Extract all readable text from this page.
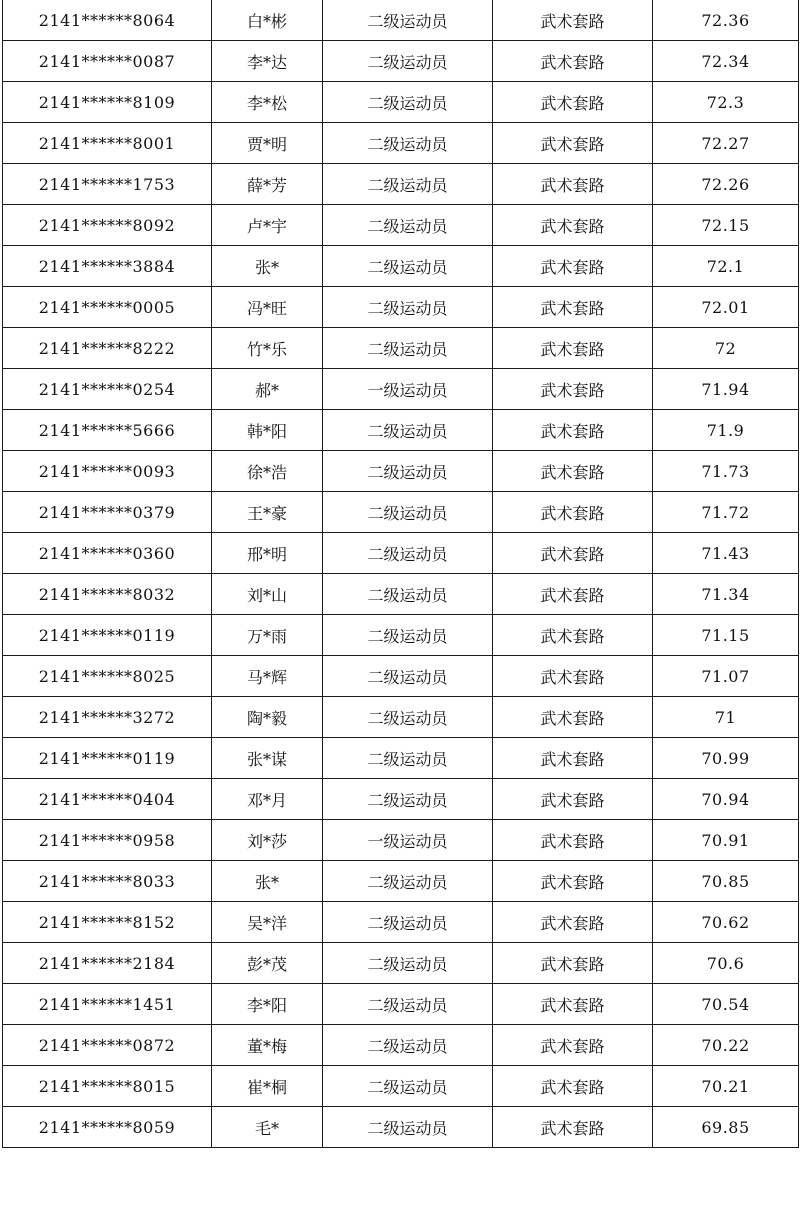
2141******8064	白*彬	二级运动员	武术套路	72.36
2141******0087	李*达	二级运动员	武术套路	72.34
2141******8109	李*松	二级运动员	武术套路	72.3
2141******8001	贾*明	二级运动员	武术套路	72.27
2141******1753	薛*芳	二级运动员	武术套路	72.26
2141******8092	卢*宇	二级运动员	武术套路	72.15
2141******3884	张*	二级运动员	武术套路	72.1
2141******0005	冯*旺	二级运动员	武术套路	72.01
2141******8222	竹*乐	二级运动员	武术套路	72
2141******0254	郝*	一级运动员	武术套路	71.94
2141******5666	韩*阳	二级运动员	武术套路	71.9
2141******0093	徐*浩	二级运动员	武术套路	71.73
2141******0379	王*豪	二级运动员	武术套路	71.72
2141******0360	邢*明	二级运动员	武术套路	71.43
2141******8032	刘*山	二级运动员	武术套路	71.34
2141******0119	万*雨	二级运动员	武术套路	71.15
2141******8025	马*辉	二级运动员	武术套路	71.07
2141******3272	陶*毅	二级运动员	武术套路	71
2141******0119	张*谋	二级运动员	武术套路	70.99
2141******0404	邓*月	二级运动员	武术套路	70.94
2141******0958	刘*莎	一级运动员	武术套路	70.91
2141******8033	张*	二级运动员	武术套路	70.85
2141******8152	吴*洋	二级运动员	武术套路	70.62
2141******2184	彭*茂	二级运动员	武术套路	70.6
2141******1451	李*阳	二级运动员	武术套路	70.54
2141******0872	董*梅	二级运动员	武术套路	70.22
2141******8015	崔*桐	二级运动员	武术套路	70.21
2141******8059	毛*	二级运动员	武术套路	69.85
